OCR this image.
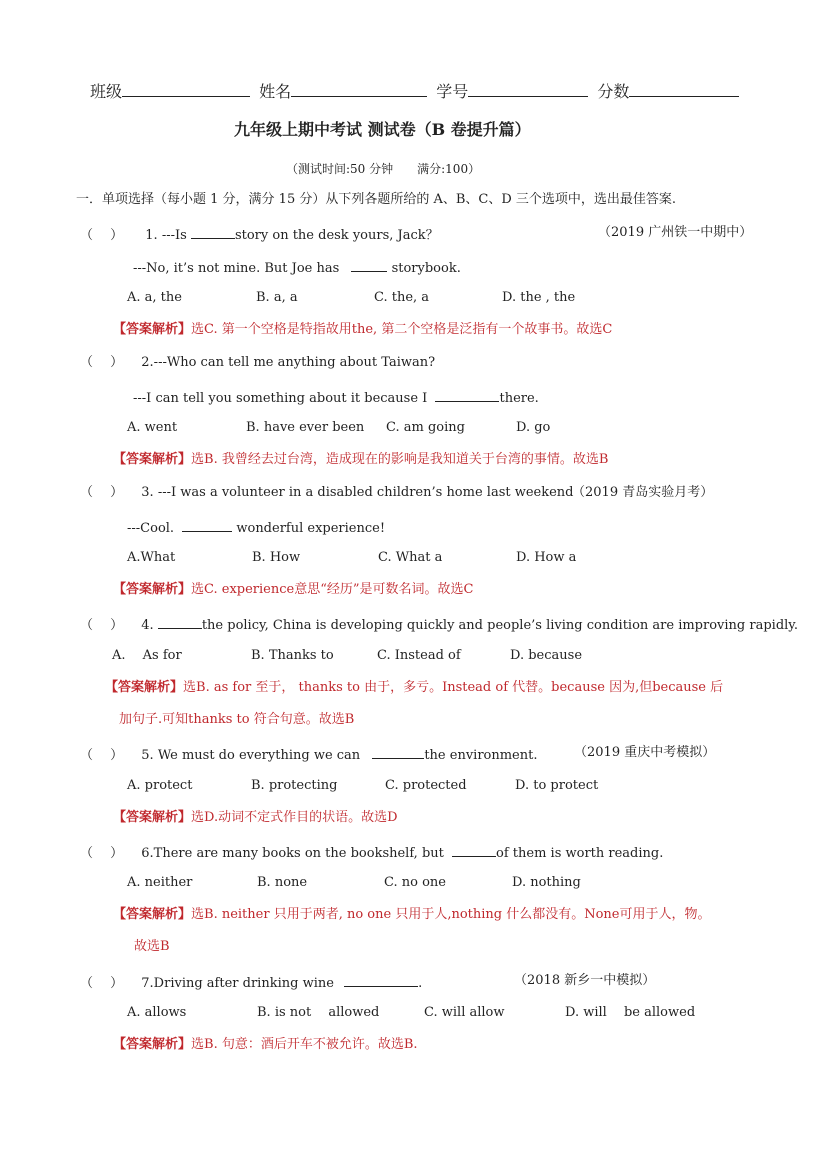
班级	姓名	学号	分数
九年级上期中考试 测试卷（B 卷提升篇）
（测试时间:50 分钟　　满分:100）
一．单项选择（每小题 1 分，满分 15 分）从下列各题所给的 A、B、C、D 三个选项中，选出最佳答案.
（　 ） 1. ---Is	story on the desk yours, Jack？	（2019 广州铁一中期中）
---No, it’s not mine. But Joe has	storybook.
A. a, the	B. a, a	C. the, a	D. the , the
【答案解析】选C. 第一个空格是特指故用the, 第二个空格是泛指有一个故事书。故选C
（　 ） 2.---Who can tell me anything about Taiwan?
---I can tell you something about it because I	there.
A. went	B. have ever been C. am going	D. go
【答案解析】选B. 我曾经去过台湾，造成现在的影响是我知道关于台湾的事情。故选B
（　 ） 3. ---I was a volunteer in a disabled children’s home last weekend
（2019 青岛实验月考）
---Cool.	wonderful experience!
A.What	B. How	C. What a	D. How a
【答案解析】选C. experience意思“经历”是可数名词。故选C
（　 ） 4.	the policy, China is developing quickly and people’s living condition are improving rapidly.
A.　 As for	B. Thanks to	C. Instead of	D. because
【答案解析】选B. as for 至于， thanks to 由于，多亏。Instead of 代替。because 因为,但because 后
加句子.可知thanks to 符合句意。故选B
（　 ） 5. We must do everything we can	the environment.	（2019 重庆中考模拟）
A. protect	B. protecting	C. protected	D. to protect
【答案解析】选D.动词不定式作目的状语。故选D
（　 ） 6.There are many books on the bookshelf, but	of them is worth reading.
A. neither	B. none	C. no one	D. nothing
【答案解析】选B. neither 只用于两者, no one 只用于人,nothing 什么都没有。None可用于人，物。
故选B
（　 ） 7.Driving after drinking wine	.	（2018 新乡一中模拟）
A. allows	B. is not　 allowed	C. will allow	D. will　 be allowed
【答案解析】选B. 句意：酒后开车不被允许。故选B.
